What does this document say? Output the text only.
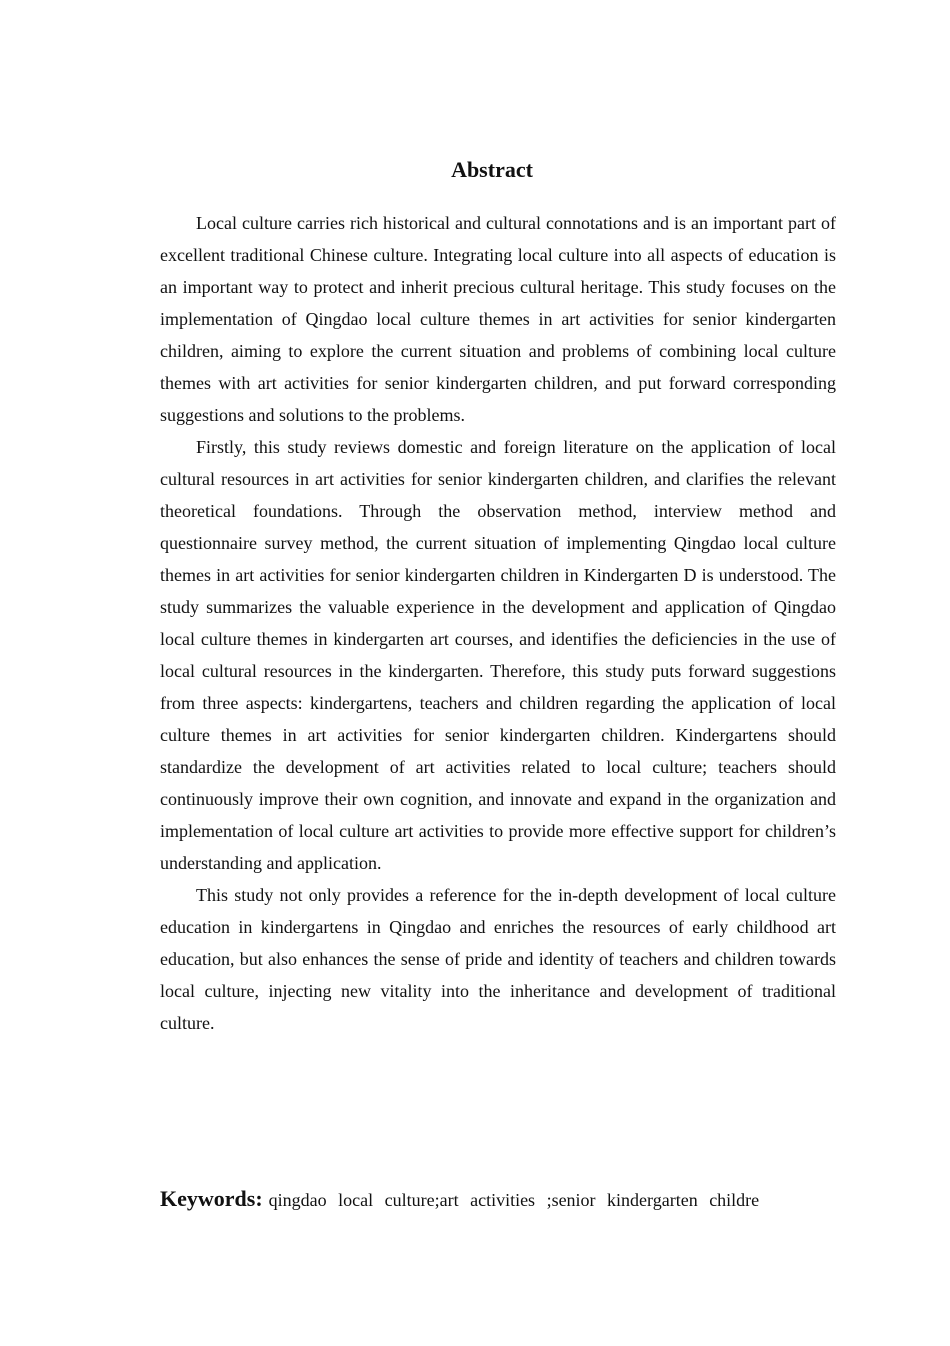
Abstract

Local culture carries rich historical and cultural connotations and is an important part of excellent traditional Chinese culture. Integrating local culture into all aspects of education is an important way to protect and inherit precious cultural heritage. This study focuses on the implementation of Qingdao local culture themes in art activities for senior kindergarten children, aiming to explore the current situation and problems of combining local culture themes with art activities for senior kindergarten children, and put forward corresponding suggestions and solutions to the problems.

Firstly, this study reviews domestic and foreign literature on the application of local cultural resources in art activities for senior kindergarten children, and clarifies the relevant theoretical foundations. Through the observation method, interview method and questionnaire survey method, the current situation of implementing Qingdao local culture themes in art activities for senior kindergarten children in Kindergarten D is understood. The study summarizes the valuable experience in the development and application of Qingdao local culture themes in kindergarten art courses, and identifies the deficiencies in the use of local cultural resources in the kindergarten. Therefore, this study puts forward suggestions from three aspects: kindergartens, teachers and children regarding the application of local culture themes in art activities for senior kindergarten children. Kindergartens should standardize the development of art activities related to local culture; teachers should continuously improve their own cognition, and innovate and expand in the organization and implementation of local culture art activities to provide more effective support for children’s understanding and application.

This study not only provides a reference for the in-depth development of local culture education in kindergartens in Qingdao and enriches the resources of early childhood art education, but also enhances the sense of pride and identity of teachers and children towards local culture, injecting new vitality into the inheritance and development of traditional culture.

Keywords: qingdao local culture;art activities ;senior kindergarten childre
